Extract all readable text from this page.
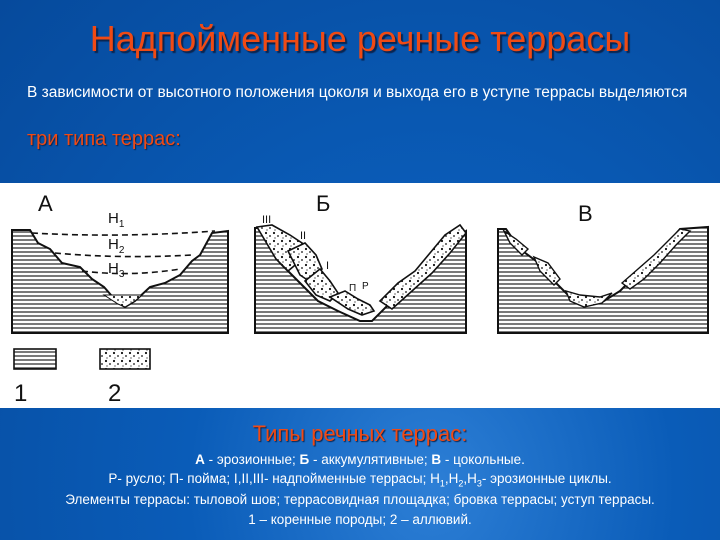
Надпойменные речные террасы
В зависимости от высотного положения цоколя и выхода его в уступе террасы выделяются
три типа террас:
А
$Н_1$
$Н_2$
$Н_3$
Б
III
II
I
П Р
В
1	2
Типы речных террас:
А - эрозионные; Б - аккумулятивные; В - цокольные.
Р- русло; П- пойма; I,II,III- надпойменные террасы; $Н_1,Н_2,Н_3-$ эрозионные циклы.
Элементы террасы: тыловой шов; террасовидная площадка; бровка террасы; уступ террасы.
1 – коренные породы; 2 – аллювий.
